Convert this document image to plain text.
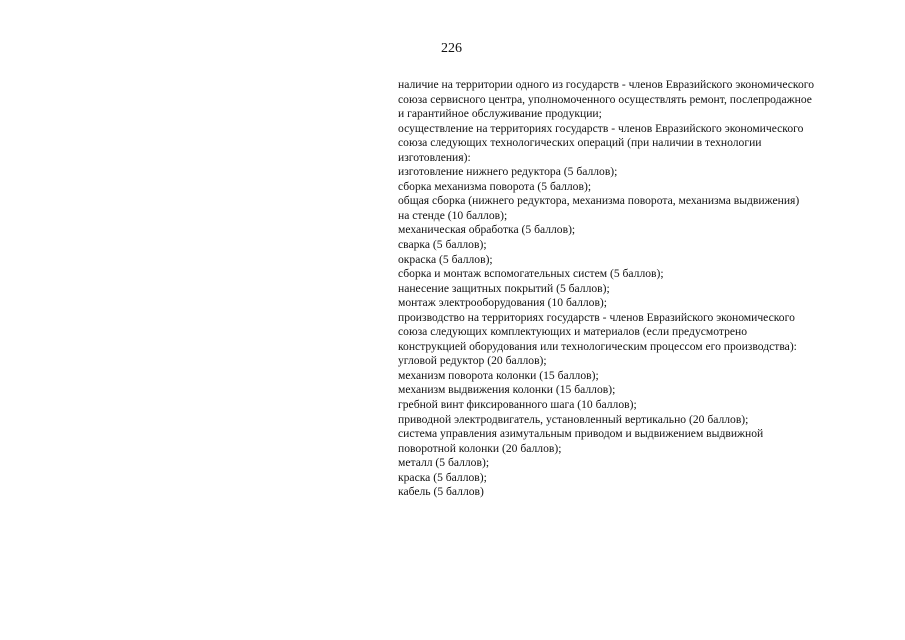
226
наличие на территории одного из государств - членов Евразийского экономического
союза сервисного центра, уполномоченного осуществлять ремонт, послепродажное
и гарантийное обслуживание продукции;
осуществление на территориях государств - членов Евразийского экономического
союза следующих технологических операций (при наличии в технологии
изготовления):
изготовление нижнего редуктора (5 баллов);
сборка механизма поворота (5 баллов);
общая сборка (нижнего редуктора, механизма поворота, механизма выдвижения)
на стенде (10 баллов);
механическая обработка (5 баллов);
сварка (5 баллов);
окраска (5 баллов);
сборка и монтаж вспомогательных систем (5 баллов);
нанесение защитных покрытий (5 баллов);
монтаж электрооборудования (10 баллов);
производство на территориях государств - членов Евразийского экономического
союза следующих комплектующих и материалов (если предусмотрено
конструкцией оборудования или технологическим процессом его производства):
угловой редуктор (20 баллов);
механизм поворота колонки (15 баллов);
механизм выдвижения колонки (15 баллов);
гребной винт фиксированного шага (10 баллов);
приводной электродвигатель, установленный вертикально (20 баллов);
система управления азимутальным приводом и выдвижением выдвижной
поворотной колонки (20 баллов);
металл (5 баллов);
краска (5 баллов);
кабель (5 баллов)
